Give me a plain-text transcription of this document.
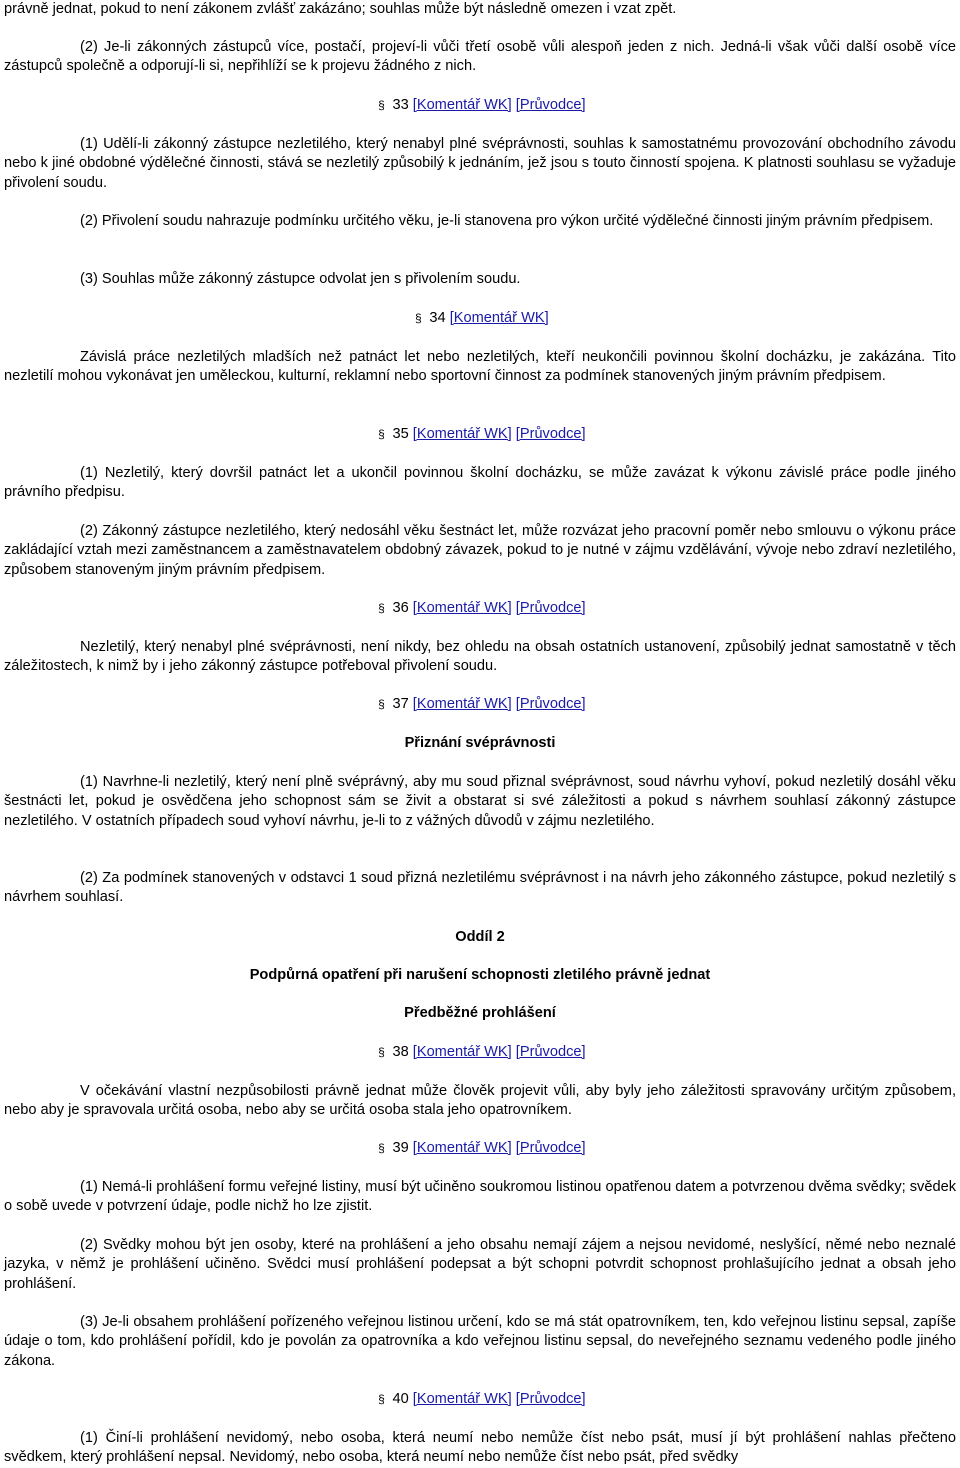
právně jednat, pokud to není zákonem zvlášť zakázáno; souhlas může být následně omezen i vzat zpět.

(2) Je-li zákonných zástupců více, postačí, projeví-li vůči třetí osobě vůli alespoň jeden z nich. Jedná-li však vůči další osobě více zástupců společně a odporují-li si, nepřihlíží se k projevu žádného z nich.

§ 33 [Komentář WK] [Průvodce]

(1) Udělí-li zákonný zástupce nezletilého, který nenabyl plné svéprávnosti, souhlas k samostatnému provozování obchodního závodu nebo k jiné obdobné výdělečné činnosti, stává se nezletilý způsobilý k jednáním, jež jsou s touto činností spojena. K platnosti souhlasu se vyžaduje přivolení soudu.

(2) Přivolení soudu nahrazuje podmínku určitého věku, je-li stanovena pro výkon určité výdělečné činnosti jiným právním předpisem.

(3) Souhlas může zákonný zástupce odvolat jen s přivolením soudu.

§ 34 [Komentář WK]

Závislá práce nezletilých mladších než patnáct let nebo nezletilých, kteří neukončili povinnou školní docházku, je zakázána. Tito nezletilí mohou vykonávat jen uměleckou, kulturní, reklamní nebo sportovní činnost za podmínek stanovených jiným právním předpisem.

§ 35 [Komentář WK] [Průvodce]

(1) Nezletilý, který dovršil patnáct let a ukončil povinnou školní docházku, se může zavázat k výkonu závislé práce podle jiného právního předpisu.

(2) Zákonný zástupce nezletilého, který nedosáhl věku šestnáct let, může rozvázat jeho pracovní poměr nebo smlouvu o výkonu práce zakládající vztah mezi zaměstnancem a zaměstnavatelem obdobný závazek, pokud to je nutné v zájmu vzdělávání, vývoje nebo zdraví nezletilého, způsobem stanoveným jiným právním předpisem.

§ 36 [Komentář WK] [Průvodce]

Nezletilý, který nenabyl plné svéprávnosti, není nikdy, bez ohledu na obsah ostatních ustanovení, způsobilý jednat samostatně v těch záležitostech, k nimž by i jeho zákonný zástupce potřeboval přivolení soudu.

§ 37 [Komentář WK] [Průvodce]

Přiznání svéprávnosti

(1) Navrhne-li nezletilý, který není plně svéprávný, aby mu soud přiznal svéprávnost, soud návrhu vyhoví, pokud nezletilý dosáhl věku šestnácti let, pokud je osvědčena jeho schopnost sám se živit a obstarat si své záležitosti a pokud s návrhem souhlasí zákonný zástupce nezletilého. V ostatních případech soud vyhoví návrhu, je-li to z vážných důvodů v zájmu nezletilého.

(2) Za podmínek stanovených v odstavci 1 soud přizná nezletilému svéprávnost i na návrh jeho zákonného zástupce, pokud nezletilý s návrhem souhlasí.

Oddíl 2

Podpůrná opatření při narušení schopnosti zletilého právně jednat

Předběžné prohlášení

§ 38 [Komentář WK] [Průvodce]

V očekávání vlastní nezpůsobilosti právně jednat může člověk projevit vůli, aby byly jeho záležitosti spravovány určitým způsobem, nebo aby je spravovala určitá osoba, nebo aby se určitá osoba stala jeho opatrovníkem.

§ 39 [Komentář WK] [Průvodce]

(1) Nemá-li prohlášení formu veřejné listiny, musí být učiněno soukromou listinou opatřenou datem a potvrzenou dvěma svědky; svědek o sobě uvede v potvrzení údaje, podle nichž ho lze zjistit.

(2) Svědky mohou být jen osoby, které na prohlášení a jeho obsahu nemají zájem a nejsou nevidomé, neslyšící, němé nebo neznalé jazyka, v němž je prohlášení učiněno. Svědci musí prohlášení podepsat a být schopni potvrdit schopnost prohlašujícího jednat a obsah jeho prohlášení.

(3) Je-li obsahem prohlášení pořízeného veřejnou listinou určení, kdo se má stát opatrovníkem, ten, kdo veřejnou listinu sepsal, zapíše údaje o tom, kdo prohlášení pořídil, kdo je povolán za opatrovníka a kdo veřejnou listinu sepsal, do neveřejného seznamu vedeného podle jiného zákona.

§ 40 [Komentář WK] [Průvodce]

(1) Činí-li prohlášení nevidomý, nebo osoba, která neumí nebo nemůže číst nebo psát, musí jí být prohlášení nahlas přečteno svědkem, který prohlášení nepsal. Nevidomý, nebo osoba, která neumí nebo nemůže číst nebo psát, před svědky
